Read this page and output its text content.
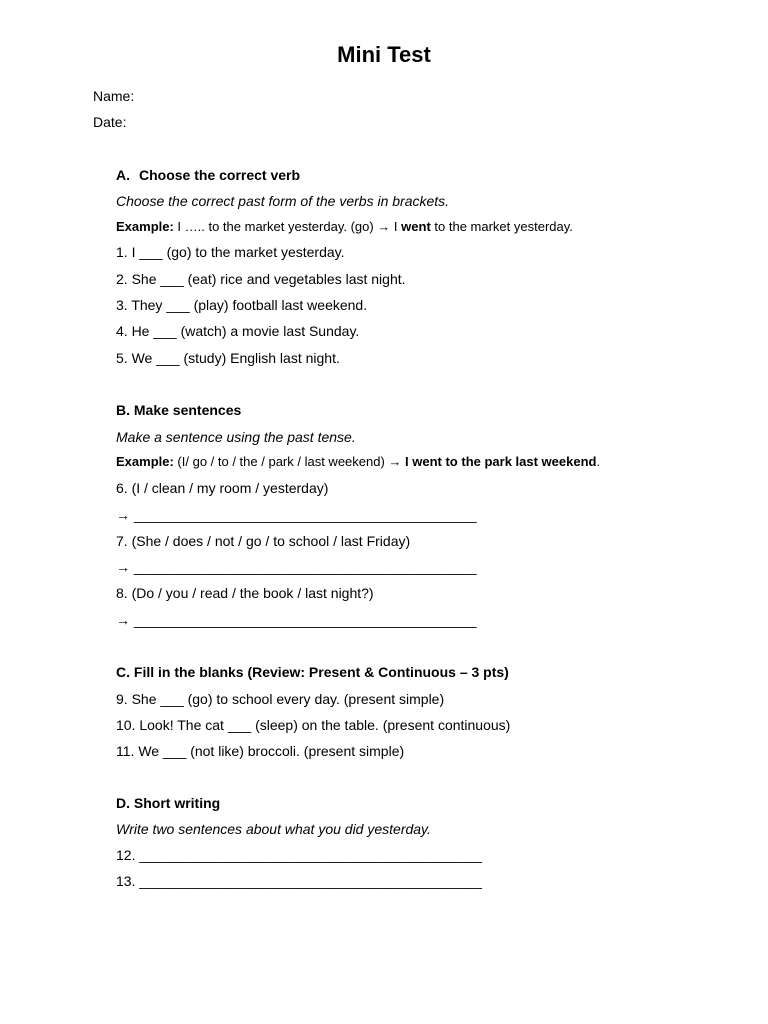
Mini Test
Name:
Date:
A. Choose the correct verb
Choose the correct past form of the verbs in brackets.
Example: I ….. to the market yesterday. (go) → I went to the market yesterday.
1. I ___ (go) to the market yesterday.
2. She ___ (eat) rice and vegetables last night.
3. They ___ (play) football last weekend.
4. He ___ (watch) a movie last Sunday.
5. We ___ (study) English last night.
B. Make sentences
Make a sentence using the past tense.
Example: (I/ go / to / the / park / last weekend) → I went to the park last weekend.
6. (I / clean / my room / yesterday)
→ ____________________________________________
7. (She / does / not / go / to school / last Friday)
→ ____________________________________________
8. (Do / you / read / the book / last night?)
→ ____________________________________________
C. Fill in the blanks (Review: Present & Continuous – 3 pts)
9. She ___ (go) to school every day. (present simple)
10. Look! The cat ___ (sleep) on the table. (present continuous)
11. We ___ (not like) broccoli. (present simple)
D. Short writing
Write two sentences about what you did yesterday.
12. ____________________________________________
13. ____________________________________________
